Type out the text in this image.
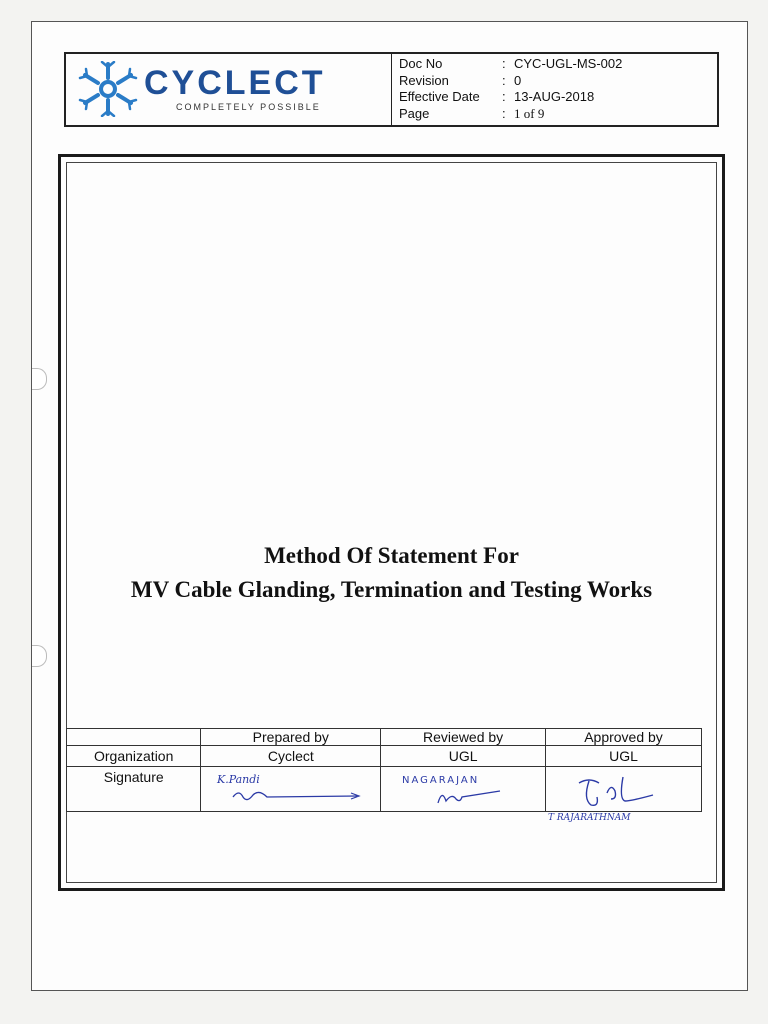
CYCLECT
COMPLETELY POSSIBLE
Doc No	: CYC-UGL-MS-002
Revision	: 0
Effective Date	: 13-AUG-2018
Page	: 1 of 9
Method Of Statement For
MV Cable Glanding, Termination and Testing Works
	Prepared by	Reviewed by	Approved by
Organization	Cyclect	UGL	UGL
Signature	K.Pandi	NAGARAJAN	T RAJARATHNAM
